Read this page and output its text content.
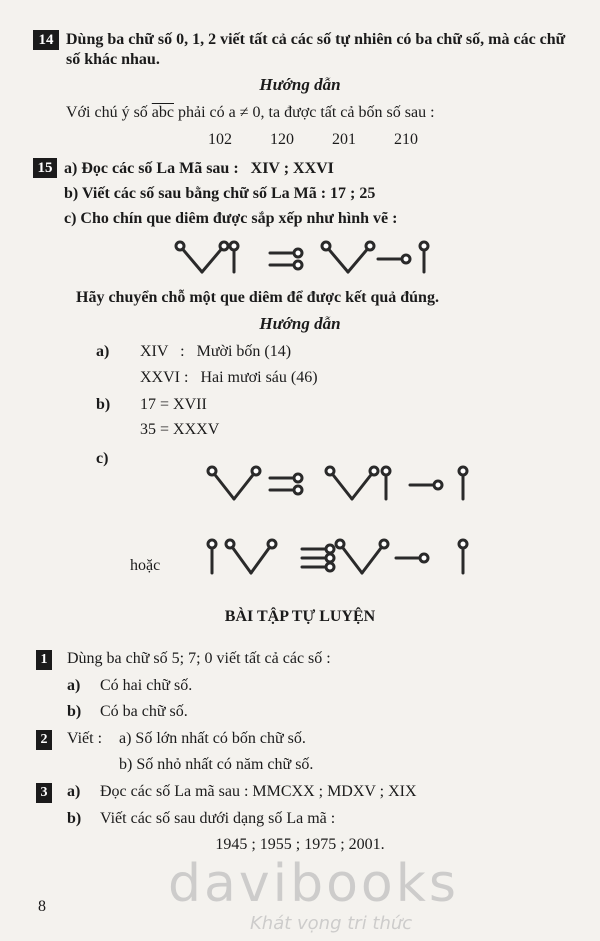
14 Dùng ba chữ số 0, 1, 2 viết tất cả các số tự nhiên có ba chữ số, mà các chữ
số khác nhau.
Hướng dẫn
Với chú ý số $\overline{abc}$ phải có a ≠ 0, ta được tất cả bốn số sau :
102 120 201 210
15 a) Đọc các số La Mã sau :   XIV ; XXVI
b) Viết các số sau bằng chữ số La Mã : 17 ; 25
c) Cho chín que diêm được sắp xếp như hình vẽ :
Hãy chuyển chỗ một que diêm để được kết quả đúng.
Hướng dẫn
a) XIV   :   Mười bốn (14)
XXVI :   Hai mươi sáu (46)
b) 17 = XVII
35 = XXXV
c)
hoặc
BÀI TẬP TỰ LUYỆN
1 Dùng ba chữ số 5; 7; 0 viết tất cả các số :
a) Có hai chữ số.
b) Có ba chữ số.
2 Viết : a) Số lớn nhất có bốn chữ số.
b) Số nhỏ nhất có năm chữ số.
3 a) Đọc các số La mã sau : MMCXX ; MDXV ; XIX
b) Viết các số sau dưới dạng số La mã :
1945 ; 1955 ; 1975 ; 2001.
8 davibooks
Khát vọng tri thức
